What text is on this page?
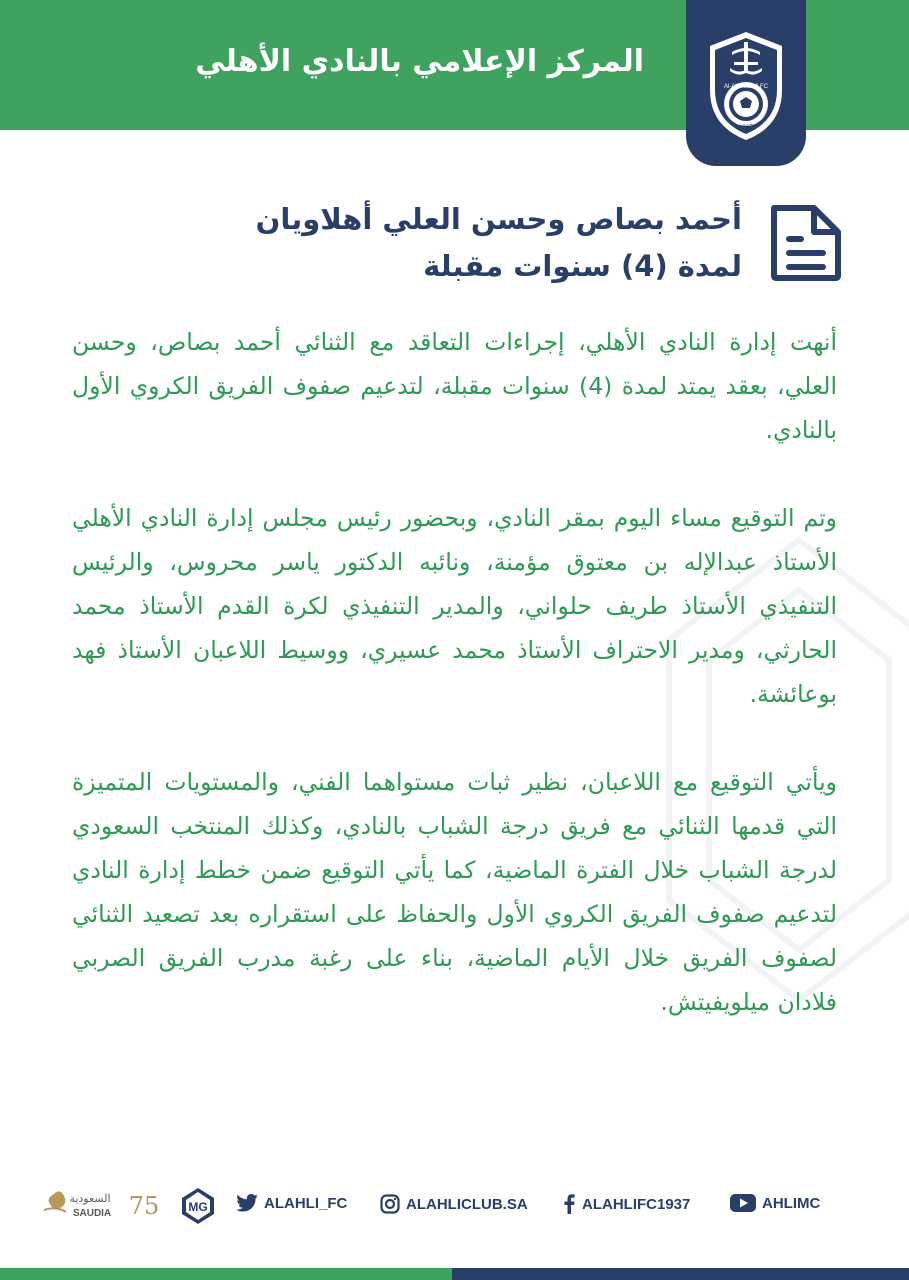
المركز الإعلامي بالنادي الأهلي
Al-Ahli Saudi FC
1937
أحمد بصاص وحسن العلي أهلاويان
لمدة (4) سنوات مقبلة

أنهت إدارة النادي الأهلي، إجراءات التعاقد مع الثنائي أحمد بصاص، وحسن العلي، بعقد يمتد لمدة (4) سنوات مقبلة، لتدعيم صفوف الفريق الكروي الأول بالنادي.

وتم التوقيع مساء اليوم بمقر النادي، وبحضور رئيس مجلس إدارة النادي الأهلي الأستاذ عبدالإله بن معتوق مؤمنة، ونائبه الدكتور ياسر محروس، والرئيس التنفيذي الأستاذ طريف حلواني، والمدير التنفيذي لكرة القدم الأستاذ محمد الحارثي، ومدير الاحتراف الأستاذ محمد عسيري، ووسيط اللاعبان الأستاذ فهد بوعائشة.

ويأتي التوقيع مع اللاعبان، نظير ثبات مستواهما الفني، والمستويات المتميزة التي قدمها الثنائي مع فريق درجة الشباب بالنادي، وكذلك المنتخب السعودي لدرجة الشباب خلال الفترة الماضية، كما يأتي التوقيع ضمن خطط إدارة النادي لتدعيم صفوف الفريق الكروي الأول والحفاظ على استقراره بعد تصعيد الثنائي لصفوف الفريق خلال الأيام الماضية، بناء على رغبة مدرب الفريق الصربي فلادان ميلويفيتش.

السعودية
SAUDIA 75 MG	ALAHLI_FC	ALAHLICLUB.SA	ALAHLIFC1937	AHLIMC
